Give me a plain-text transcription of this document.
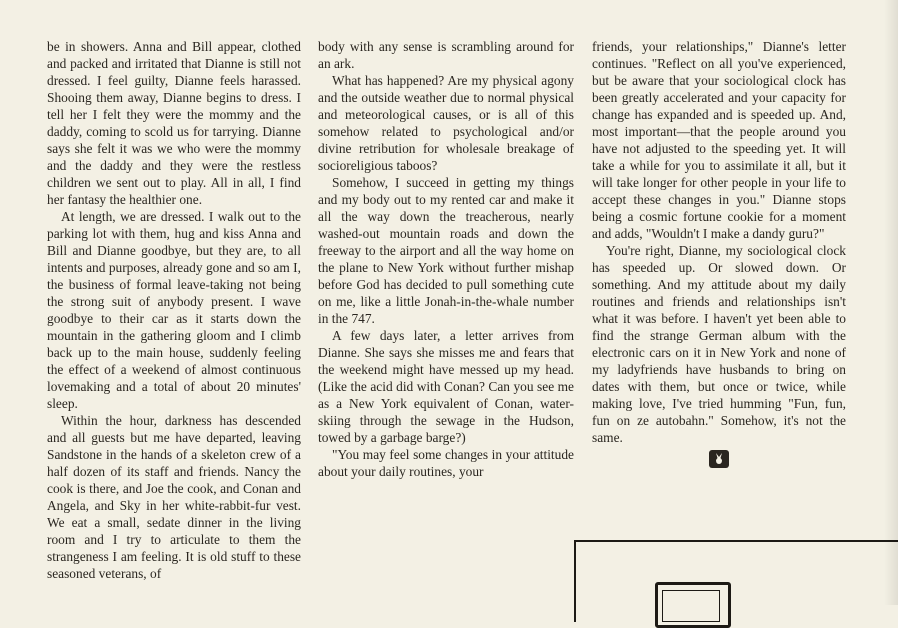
be in showers. Anna and Bill appear, clothed and packed and irritated that Dianne is still not dressed. I feel guilty, Dianne feels harassed. Shooing them away, Dianne begins to dress. I tell her I felt they were the mommy and the daddy, coming to scold us for tarrying. Dianne says she felt it was we who were the mommy and the daddy and they were the restless children we sent out to play. All in all, I find her fantasy the healthier one.

At length, we are dressed. I walk out to the parking lot with them, hug and kiss Anna and Bill and Dianne goodbye, but they are, to all intents and purposes, already gone and so am I, the business of formal leave-taking not being the strong suit of anybody present. I wave goodbye to their car as it starts down the mountain in the gathering gloom and I climb back up to the main house, suddenly feeling the effect of a weekend of almost continuous lovemaking and a total of about 20 minutes' sleep.

Within the hour, darkness has descended and all guests but me have departed, leaving Sandstone in the hands of a skeleton crew of a half dozen of its staff and friends. Nancy the cook is there, and Joe the cook, and Conan and Angela, and Sky in her white-rabbit-fur vest. We eat a small, sedate dinner in the living room and I try to articulate to them the strangeness I am feeling. It is old stuff to these seasoned veterans, of

body with any sense is scrambling around for an ark.

What has happened? Are my physical agony and the outside weather due to normal physical and meteorological causes, or is all of this somehow related to psychological and/or divine retribution for wholesale breakage of socioreligious taboos?

Somehow, I succeed in getting my things and my body out to my rented car and make it all the way down the treacherous, nearly washed-out mountain roads and down the freeway to the airport and all the way home on the plane to New York without further mishap before God has decided to pull something cute on me, like a little Jonah-in-the-whale number in the 747.

A few days later, a letter arrives from Dianne. She says she misses me and fears that the weekend might have messed up my head. (Like the acid did with Conan? Can you see me as a New York equivalent of Conan, water-skiing through the sewage in the Hudson, towed by a garbage barge?)

"You may feel some changes in your attitude about your daily routines, your

friends, your relationships," Dianne's letter continues. "Reflect on all you've experienced, but be aware that your sociological clock has been greatly accelerated and your capacity for change has expanded and is speeded up. And, most important—that the people around you have not adjusted to the speeding yet. It will take a while for you to assimilate it all, but it will take longer for other people in your life to accept these changes in you." Dianne stops being a cosmic fortune cookie for a moment and adds, "Wouldn't I make a dandy guru?"

You're right, Dianne, my sociological clock has speeded up. Or slowed down. Or something. And my attitude about my daily routines and friends and relationships isn't what it was before. I haven't yet been able to find the strange German album with the electronic cars on it in New York and none of my ladyfriends have husbands to bring on dates with them, but once or twice, while making love, I've tried humming "Fun, fun, fun on ze autobahn." Somehow, it's not the same.
